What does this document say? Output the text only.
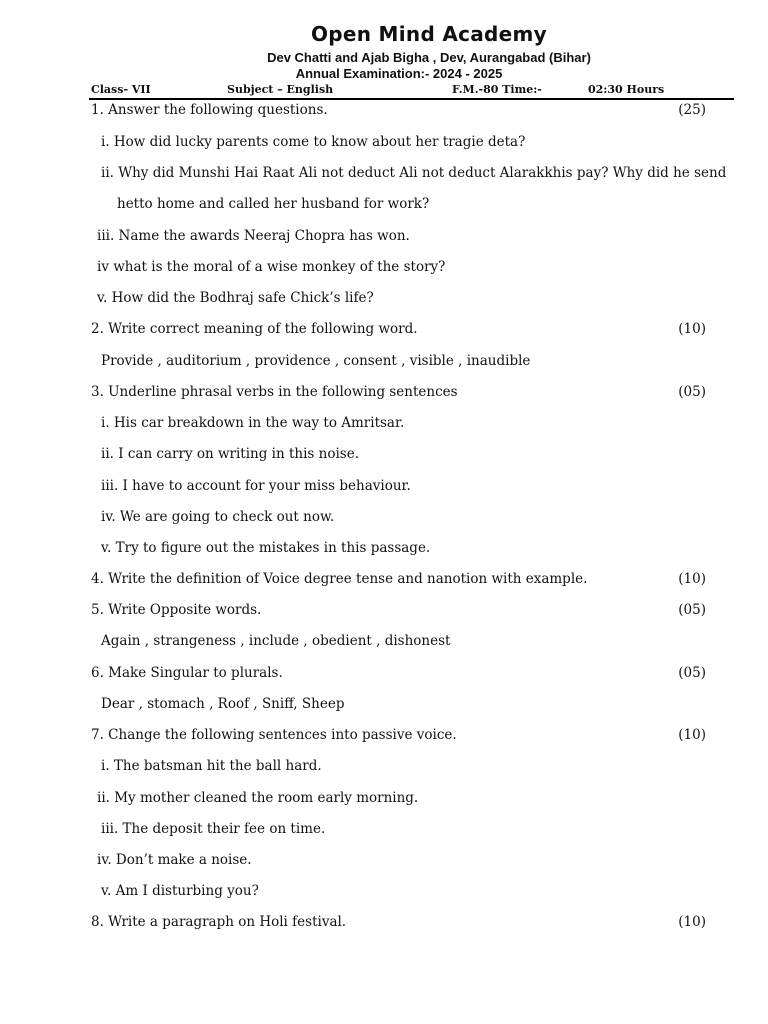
Open Mind Academy
Dev Chatti and Ajab Bigha , Dev, Aurangabad (Bihar)
Annual Examination:- 2024 - 2025
Class- VII	Subject – English	F.M.-80 Time:-	02:30 Hours
1. Answer the following questions.	(25)
i. How did lucky parents come to know about her tragie deta?
ii. Why did Munshi Hai Raat Ali not deduct Ali not deduct Alarakkhis pay? Why did he send
hetto home and called her husband for work?
iii. Name the awards Neeraj Chopra has won.
iv what is the moral of a wise monkey of the story?
v. How did the Bodhraj safe Chick’s life?
2. Write correct meaning of the following word.	(10)
Provide , auditorium , providence , consent , visible , inaudible
3. Underline phrasal verbs in the following sentences	(05)
i. His car breakdown in the way to Amritsar.
ii. I can carry on writing in this noise.
iii. I have to account for your miss behaviour.
iv. We are going to check out now.
v. Try to figure out the mistakes in this passage.
4. Write the definition of Voice degree tense and nanotion with example.	(10)
5. Write Opposite words.	(05)
Again , strangeness , include , obedient , dishonest
6. Make Singular to plurals.	(05)
Dear , stomach , Roof , Sniff, Sheep
7. Change the following sentences into passive voice.	(10)
i. The batsman hit the ball hard.
ii. My mother cleaned the room early morning.
iii. The deposit their fee on time.
iv. Don’t make a noise.
v. Am I disturbing you?
8. Write a paragraph on Holi festival.	(10)
